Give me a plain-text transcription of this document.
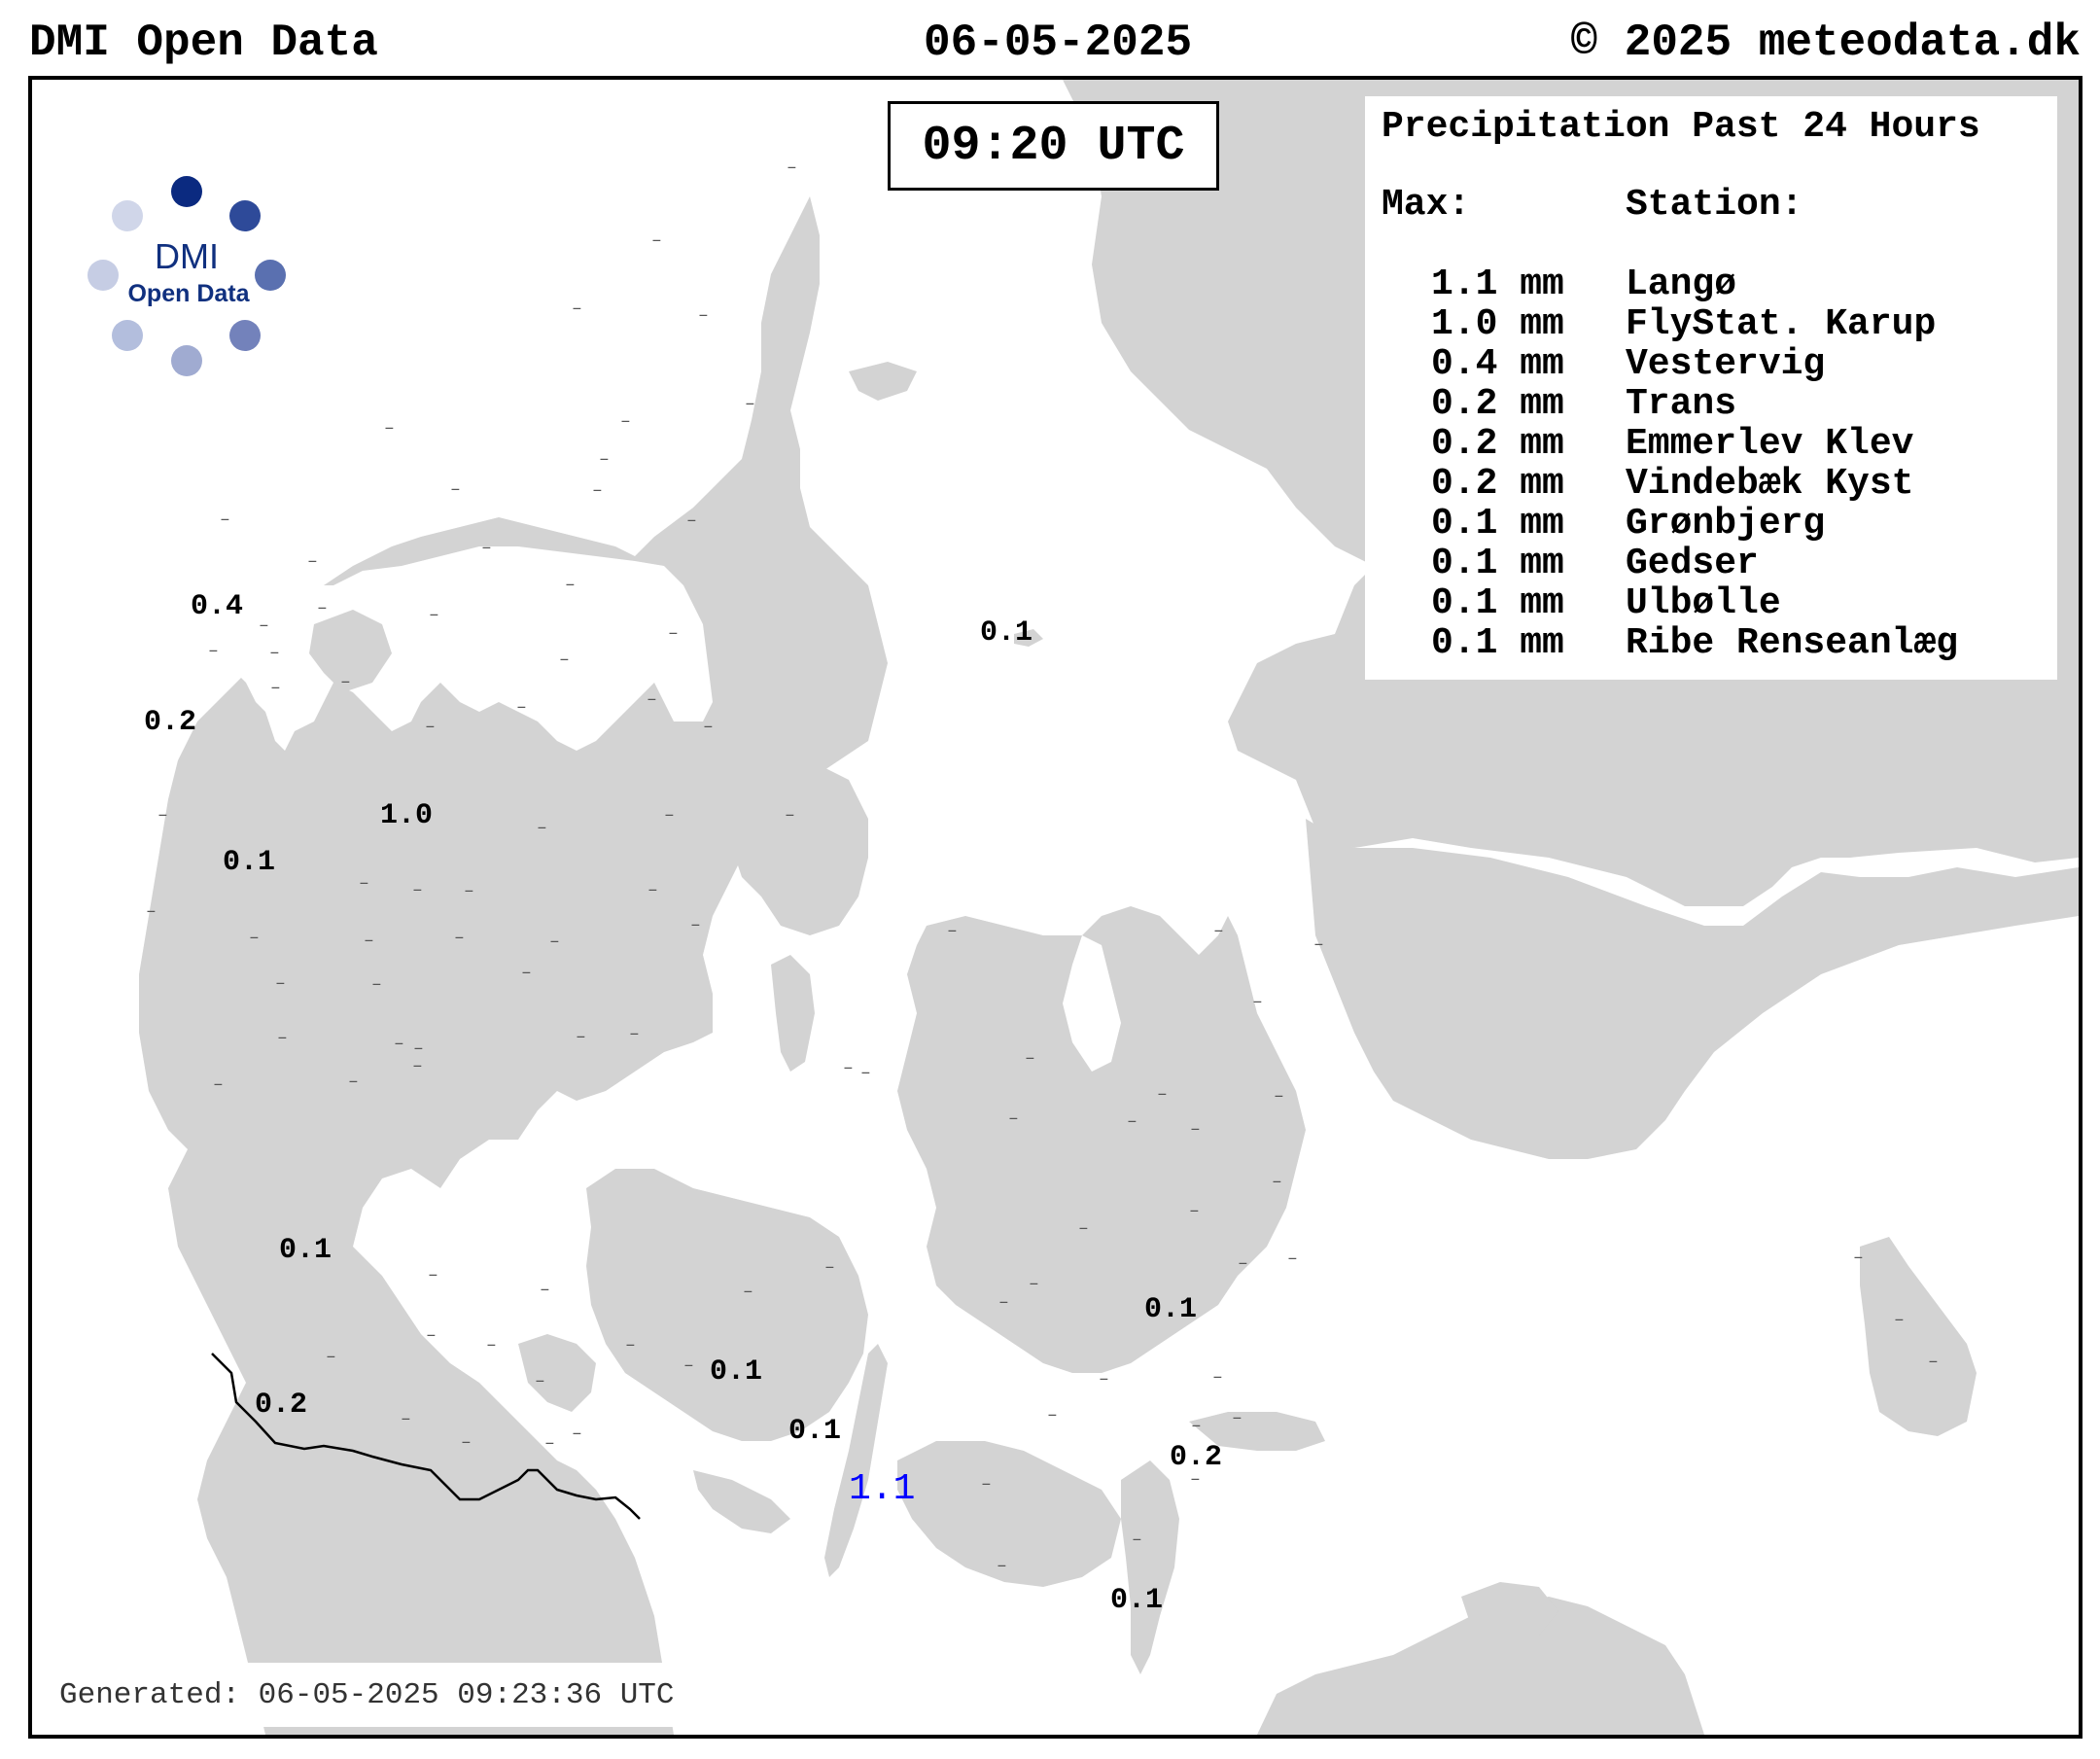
DMI Open Data	06-05-2025	© 2025 meteodata.dk
–
–
–	–
–	–
–
–
–	–
–
–
–
–
–
–
–
–
–
–	–
–
–
–
–
–
–	–
–
–
–
–
– –	–
–
–
–	–	–	–
–	–
–	–
–
–	–
–
–
–
–	–
–	–	–
–
–
–
–
–	–
–	–	–
–
–
–
–
–
–
–
–
–
–
–
–
–
–
–
–
–
–	–
–
–
–
–
–
–
–
–
–	– –
–
–
–
0.4
0.2
1.0
0.1
0.1
0.1
0.2
0.1
0.1
1.1
0.1
0.2
0.1
DMI
Open Data
09:20 UTC	Precipitation Past 24 Hours
Max:	Station:
1.1 mm Langø
1.0 mm FlyStat. Karup
0.4 mm Vestervig
0.2 mm Trans
0.2 mm Emmerlev Klev
0.2 mm Vindebæk Kyst
0.1 mm Grønbjerg
0.1 mm Gedser
0.1 mm Ulbølle
0.1 mm Ribe Renseanlæg
Generated: 06-05-2025 09:23:36 UTC
